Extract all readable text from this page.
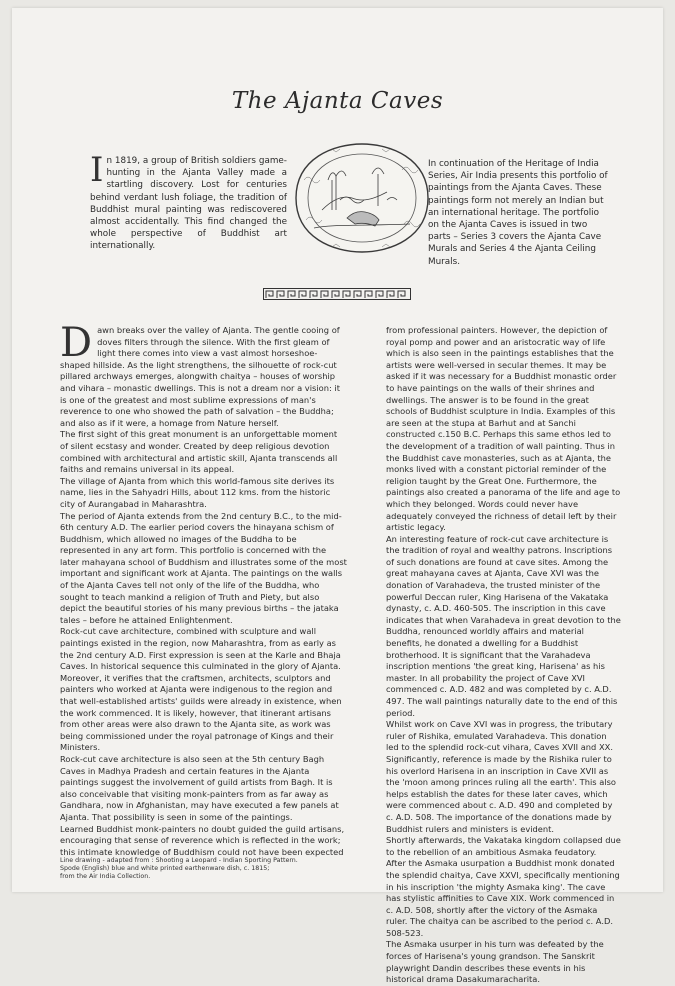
The Ajanta Caves
In 1819, a group of British soldiers game-hunting in the Ajanta Valley made a startling discovery. Lost for centuries behind verdant lush foliage, the tradition of Buddhist mural painting was rediscovered almost accidentally. This find changed the whole perspective of Buddhist art internationally.
In continuation of the Heritage of India Series, Air India presents this portfolio of paintings from the Ajanta Caves. These paintings form not merely an Indian but an international heritage. The portfolio on the Ajanta Caves is issued in two parts – Series 3 covers the Ajanta Cave Murals and Series 4 the Ajanta Ceiling Murals.
D awn breaks over the valley of Ajanta. The gentle cooing of doves filters through the silence. With the first gleam of light there comes into view a vast almost horseshoe-shaped hillside. As the light strengthens, the silhouette of rock-cut pillared archways emerges, alongwith chaitya – houses of worship and vihara – monastic dwellings. This is not a dream nor a vision: it is one of the greatest and most sublime expressions of man's reverence to one who showed the path of salvation – the Buddha; and also as if it were, a homage from Nature herself.

The first sight of this great monument is an unforgettable moment of silent ecstasy and wonder. Created by deep religious devotion combined with architectural and artistic skill, Ajanta transcends all faiths and remains universal in its appeal.

The village of Ajanta from which this world-famous site derives its name, lies in the Sahyadri Hills, about 112 kms. from the historic city of Aurangabad in Maharashtra.

The period of Ajanta extends from the 2nd century B.C., to the mid-6th century A.D. The earlier period covers the hinayana schism of Buddhism, which allowed no images of the Buddha to be represented in any art form. This portfolio is concerned with the later mahayana school of Buddhism and illustrates some of the most important and significant work at Ajanta. The paintings on the walls of the Ajanta Caves tell not only of the life of the Buddha, who sought to teach mankind a religion of Truth and Piety, but also depict the beautiful stories of his many previous births – the jataka tales – before he attained Enlightenment.

Rock-cut cave architecture, combined with sculpture and wall paintings existed in the region, now Maharashtra, from as early as the 2nd century A.D. First expression is seen at the Karle and Bhaja Caves. In historical sequence this culminated in the glory of Ajanta. Moreover, it verifies that the craftsmen, architects, sculptors and painters who worked at Ajanta were indigenous to the region and that well-established artists' guilds were already in existence, when the work commenced. It is likely, however, that itinerant artisans from other areas were also drawn to the Ajanta site, as work was being commissioned under the royal patronage of Kings and their Ministers.

Rock-cut cave architecture is also seen at the 5th century Bagh Caves in Madhya Pradesh and certain features in the Ajanta paintings suggest the involvement of guild artists from Bagh. It is also conceivable that visiting monk-painters from as far away as Gandhara, now in Afghanistan, may have executed a few panels at Ajanta. That possibility is seen in some of the paintings.

Learned Buddhist monk-painters no doubt guided the guild artisans, encouraging that sense of reverence which is reflected in the work; this intimate knowledge of Buddhism could not have been expected

from professional painters. However, the depiction of royal pomp and power and an aristocratic way of life which is also seen in the paintings establishes that the artists were well-versed in secular themes. It may be asked if it was necessary for a Buddhist monastic order to have paintings on the walls of their shrines and dwellings. The answer is to be found in the great schools of Buddhist sculpture in India. Examples of this are seen at the stupa at Barhut and at Sanchi constructed c.150 B.C. Perhaps this same ethos led to the development of a tradition of wall painting. Thus in the Buddhist cave monasteries, such as at Ajanta, the monks lived with a constant pictorial reminder of the religion taught by the Great One. Furthermore, the paintings also created a panorama of the life and age to which they belonged. Words could never have adequately conveyed the richness of detail left by their artistic legacy.

An interesting feature of rock-cut cave architecture is the tradition of royal and wealthy patrons. Inscriptions of such donations are found at cave sites. Among the great mahayana caves at Ajanta, Cave XVI was the donation of Varahadeva, the trusted minister of the powerful Deccan ruler, King Harisena of the Vakataka dynasty, c. A.D. 460-505. The inscription in this cave indicates that when Varahadeva in great devotion to the Buddha, renounced worldly affairs and material benefits, he donated a dwelling for a Buddhist brotherhood. It is significant that the Varahadeva inscription mentions 'the great king, Harisena' as his master. In all probability the project of Cave XVI commenced c. A.D. 482 and was completed by c. A.D. 497. The wall paintings naturally date to the end of this period.

Whilst work on Cave XVI was in progress, the tributary ruler of Rishika, emulated Varahadeva. This donation led to the splendid rock-cut vihara, Caves XVII and XX. Significantly, reference is made by the Rishika ruler to his overlord Harisena in an inscription in Cave XVII as the 'moon among princes ruling all the earth'. This also helps establish the dates for these later caves, which were commenced about c. A.D. 490 and completed by c. A.D. 508. The importance of the donations made by Buddhist rulers and ministers is evident.

Shortly afterwards, the Vakataka kingdom collapsed due to the rebellion of an ambitious Asmaka feudatory.

After the Asmaka usurpation a Buddhist monk donated the splendid chaitya, Cave XXVI, specifically mentioning in his inscription 'the mighty Asmaka king'. The cave has stylistic affinities to Cave XIX. Work commenced in c. A.D. 508, shortly after the victory of the Asmaka ruler. The chaitya can be ascribed to the period c. A.D. 508-523.

The Asmaka usurper in his turn was defeated by the forces of Harisena's young grandson. The Sanskrit playwright Dandin describes these events in his historical drama Dasakumaracharita.

Line drawing - adapted from : Shooting a Leopard - Indian Sporting Pattern.
Spode (English) blue and white printed earthenware dish, c. 1815;
from the Air India Collection.
